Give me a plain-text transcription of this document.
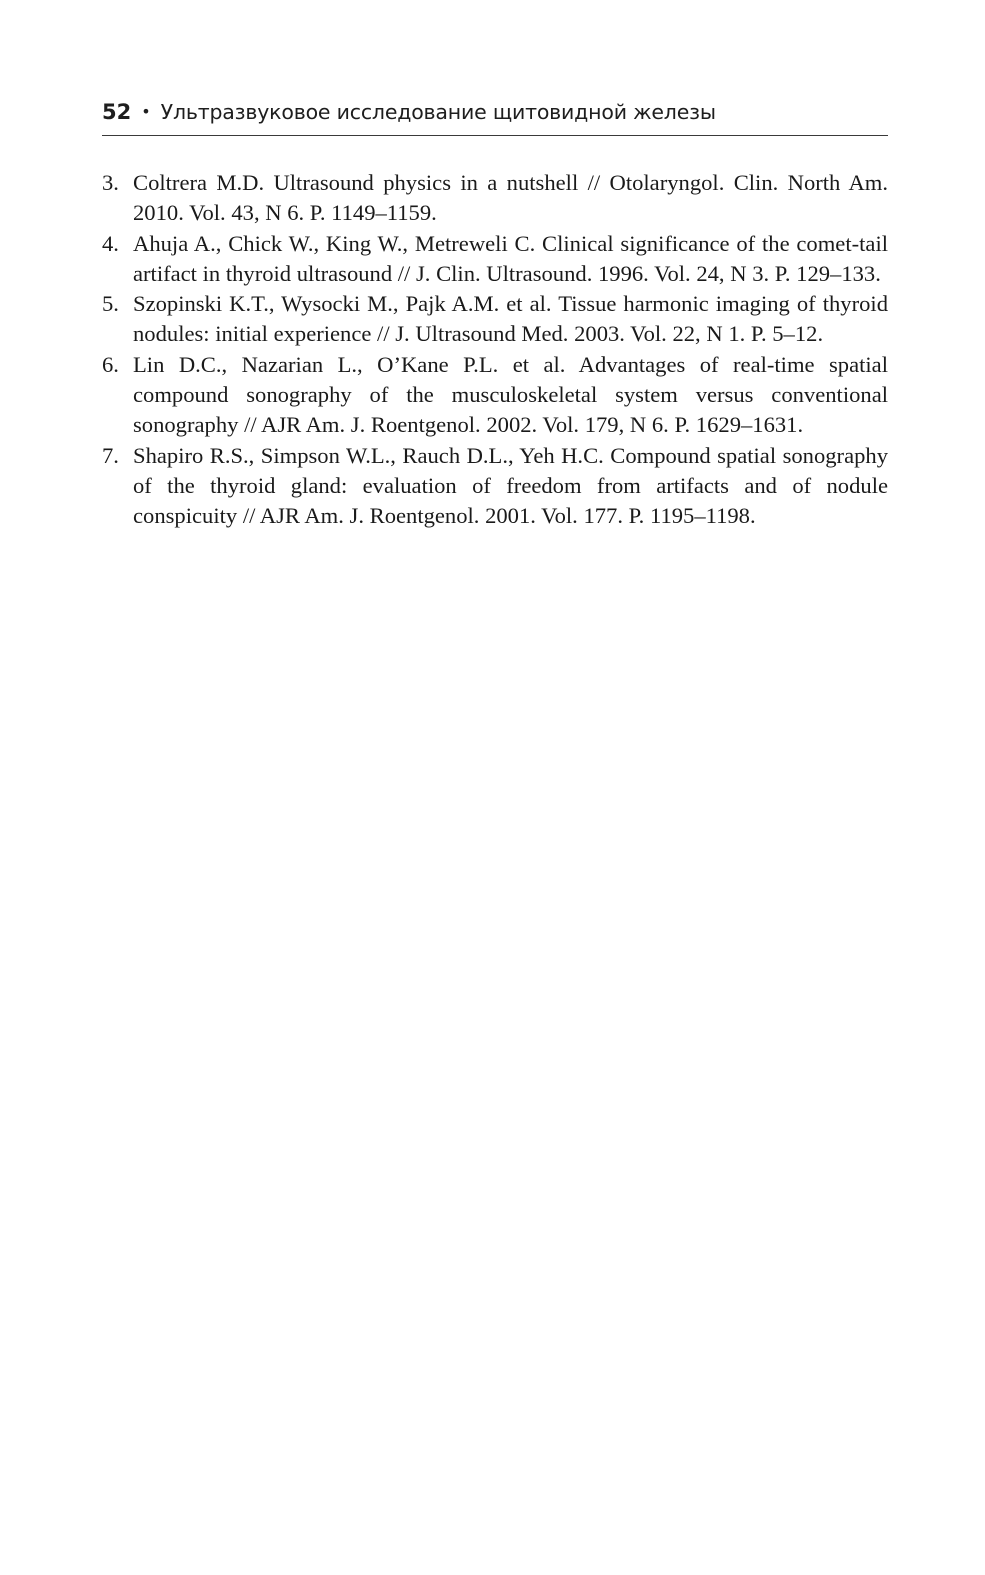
52 • Ультразвуковое исследование щитовидной железы
3. Coltrera M.D. Ultrasound physics in a nutshell // Otolaryngol. Clin. North Am. 2010. Vol. 43, N 6. P. 1149–1159.
4. Ahuja A., Chick W., King W., Metreweli C. Clinical significance of the comet-tail artifact in thyroid ultrasound // J. Clin. Ultrasound. 1996. Vol. 24, N 3. P. 129–133.
5. Szopinski K.T., Wysocki M., Pajk A.M. et al. Tissue harmonic imaging of thyroid nodules: initial experience // J. Ultrasound Med. 2003. Vol. 22, N 1. P. 5–12.
6. Lin D.C., Nazarian L., O’Kane P.L. et al. Advantages of real-time spatial compound sonography of the musculoskeletal system versus conventional sonography // AJR Am. J. Roentgenol. 2002. Vol. 179, N 6. P. 1629–1631.
7. Shapiro R.S., Simpson W.L., Rauch D.L., Yeh H.C. Compound spatial sonography of the thyroid gland: evaluation of freedom from artifacts and of nodule conspicuity // AJR Am. J. Roentgenol. 2001. Vol. 177. P. 1195–1198.
